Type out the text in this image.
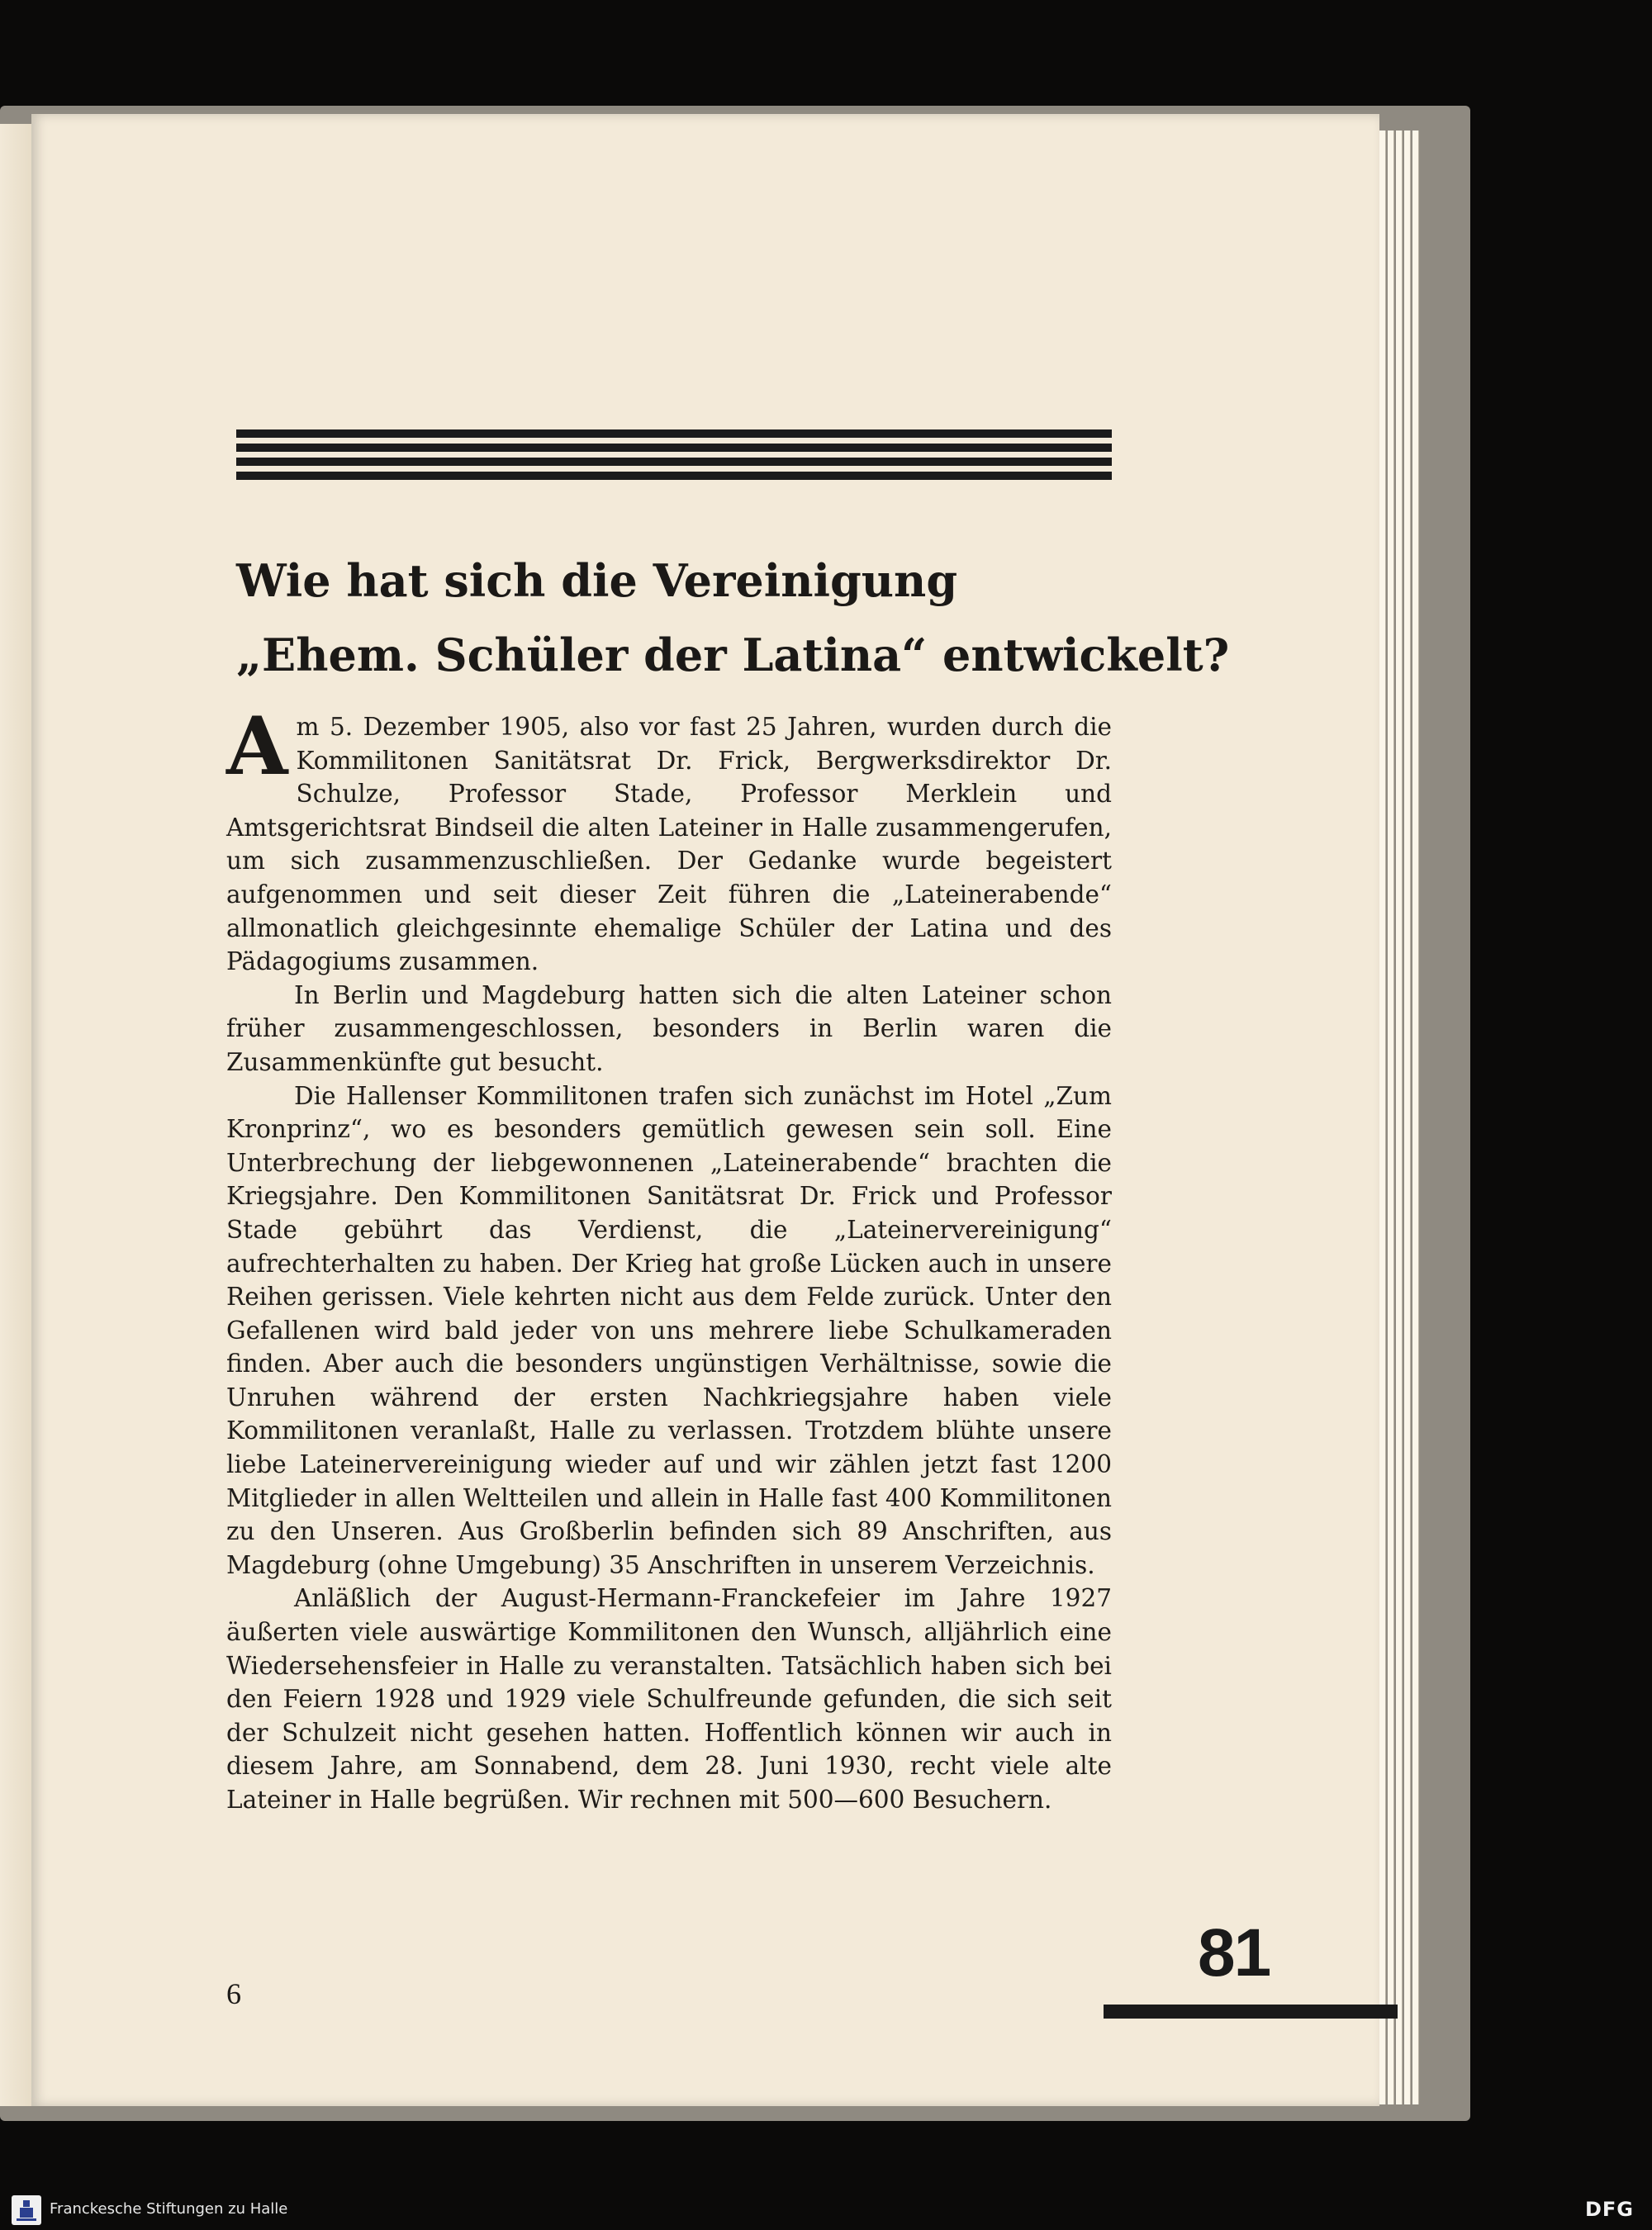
Wie hat sich die Vereinigung
„Ehem. Schüler der Latina“ entwickelt?

Am 5. Dezember 1905, also vor fast 25 Jahren, wurden durch die Kommilitonen Sanitätsrat Dr. Frick, Bergwerksdirektor Dr. Schulze, Professor Stade, Professor Merklein und Amtsgerichtsrat Bindseil die alten Lateiner in Halle zusammengerufen, um sich zusammenzuschließen. Der Gedanke wurde begeistert aufgenommen und seit dieser Zeit führen die „Lateinerabende“ allmonatlich gleichgesinnte ehemalige Schüler der Latina und des Pädagogiums zusammen.

In Berlin und Magdeburg hatten sich die alten Lateiner schon früher zusammengeschlossen, besonders in Berlin waren die Zusammenkünfte gut besucht.

Die Hallenser Kommilitonen trafen sich zunächst im Hotel „Zum Kronprinz“, wo es besonders gemütlich gewesen sein soll. Eine Unterbrechung der liebgewonnenen „Lateinerabende“ brachten die Kriegsjahre. Den Kommilitonen Sanitätsrat Dr. Frick und Professor Stade gebührt das Verdienst, die „Lateinervereinigung“ aufrechterhalten zu haben. Der Krieg hat große Lücken auch in unsere Reihen gerissen. Viele kehrten nicht aus dem Felde zurück. Unter den Gefallenen wird bald jeder von uns mehrere liebe Schulkameraden finden. Aber auch die besonders ungünstigen Verhältnisse, sowie die Unruhen während der ersten Nachkriegsjahre haben viele Kommilitonen veranlaßt, Halle zu verlassen. Trotzdem blühte unsere liebe Lateinervereinigung wieder auf und wir zählen jetzt fast 1200 Mitglieder in allen Weltteilen und allein in Halle fast 400 Kommilitonen zu den Unseren. Aus Großberlin befinden sich 89 Anschriften, aus Magdeburg (ohne Umgebung) 35 Anschriften in unserem Verzeichnis.

Anläßlich der August-Hermann-Franckefeier im Jahre 1927 äußerten viele auswärtige Kommilitonen den Wunsch, alljährlich eine Wiedersehensfeier in Halle zu veranstalten. Tatsächlich haben sich bei den Feiern 1928 und 1929 viele Schulfreunde gefunden, die sich seit der Schulzeit nicht gesehen hatten. Hoffentlich können wir auch in diesem Jahre, am Sonnabend, dem 28. Juni 1930, recht viele alte Lateiner in Halle begrüßen. Wir rechnen mit 500—600 Besuchern.

6
81
Franckesche Stiftungen zu Halle	DFG
